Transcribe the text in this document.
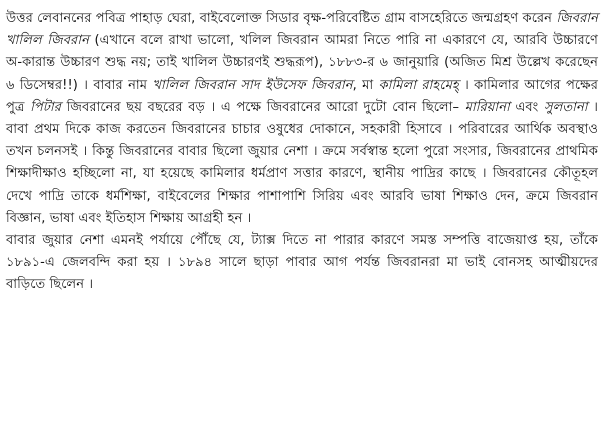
উত্তর লেবাননের পবিত্র পাহাড় ঘেরা, বাইবেলোক্ত সিডার বৃক্ষ-পরিবেষ্টিত গ্রাম বাসহেরিতে জন্মগ্রহণ করেন জিবরান খালিল জিবরান (এখানে বলে রাখা ভালো, খলিল জিবরান আমরা নিতে পারি না একারণে যে, আরবি উচ্চারণে অ-কারান্ত উচ্চারণ শুদ্ধ নয়; তাই খালিল উচ্চারণই শুদ্ধরূপ), ১৮৮৩-র ৬ জানুয়ারি (অজিত মিশ্র উল্লেখ করেছেন ৬ ডিসেম্বর!!) । বাবার নাম খালিল জিবরান সাদ ইউসেফ জিবরান, মা কামিলা রাহমেহ্ । কামিলার আগের পক্ষের পুত্র পিটার জিবরানের ছয় বছরের বড় । এ পক্ষে জিবরানের আরো দুটো বোন ছিলো– মারিয়ানা এবং সুলতানা । বাবা প্রথম দিকে কাজ করতেন জিবরানের চাচার ওষুধের দোকানে, সহকারী হিসাবে । পরিবারের আর্থিক অবস্থাও তখন চলনসই । কিন্তু জিবরানের বাবার ছিলো জুয়ার নেশা । ক্রমে সর্বস্বান্ত হলো পুরো সংসার, জিবরানের প্রাথমিক শিক্ষাদীক্ষাও হচ্ছিলো না, যা হয়েছে কামিলার ধর্মপ্রাণ সত্তার কারণে, স্থানীয় পাদ্রির কাছে । জিবরানের কৌতূহল দেখে পাদ্রি তাকে ধর্মশিক্ষা, বাইবেলের শিক্ষার পাশাপাশি সিরিয় এবং আরবি ভাষা শিক্ষাও দেন, ক্রমে জিবরান বিজ্ঞান, ভাষা এবং ইতিহাস শিক্ষায় আগ্রহী হন ।

বাবার জুয়ার নেশা এমনই পর্যায়ে পৌঁছে যে, ট্যাক্স দিতে না পারার কারণে সমস্ত সম্পত্তি বাজেয়াপ্ত হয়, তাঁকে ১৮৯১-এ জেলবন্দি করা হয় । ১৮৯৪ সালে ছাড়া পাবার আগ পর্যন্ত জিবরানরা মা ভাই বোনসহ আত্মীয়দের বাড়িতে ছিলেন ।
